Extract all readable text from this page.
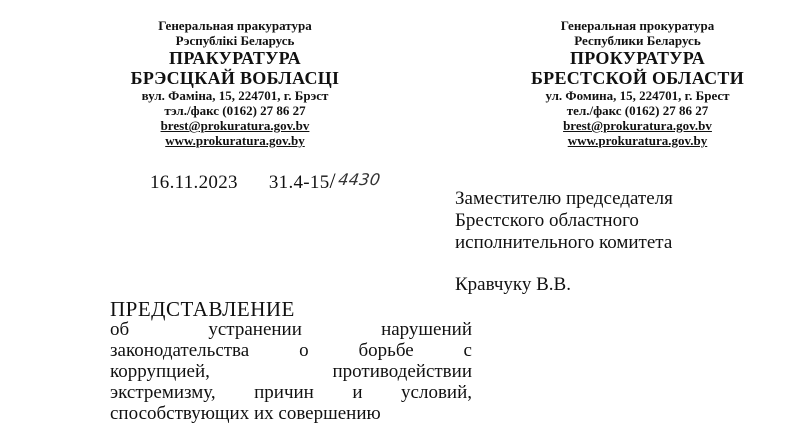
Генеральная пракуратура
Рэспублікі Беларусь
ПРАКУРАТУРА
БРЭСЦКАЙ ВОБЛАСЦІ
вул. Фаміна, 15, 224701, г. Брэст
тэл./факс (0162) 27 86 27
brest@prokuratura.gov.bv
www.prokuratura.gov.by
Генеральная прокуратура
Республики Беларусь
ПРОКУРАТУРА
БРЕСТСКОЙ ОБЛАСТИ
ул. Фомина, 15, 224701, г. Брест
тел./факс (0162) 27 86 27
brest@prokuratura.gov.bv
www.prokuratura.gov.by
16.11.2023 31.4-15/4430
Заместителю председателя
Брестского областного
исполнительного комитета
Кравчуку В.В.
ПРЕДСТАВЛЕНИЕ
об устранении нарушений
законодательства о борьбе с
коррупцией, противодействии
экстремизму, причин и условий,
способствующих их совершению
